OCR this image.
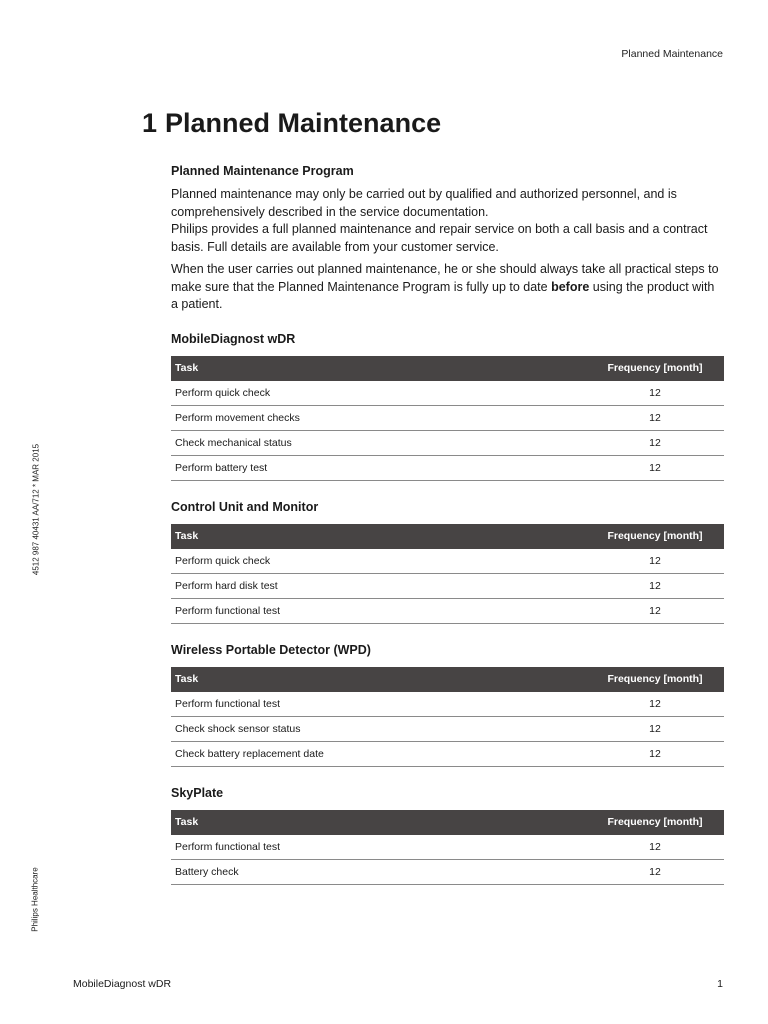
Planned Maintenance
1 Planned Maintenance
Planned Maintenance Program

Planned maintenance may only be carried out by qualified and authorized personnel, and is comprehensively described in the service documentation.

Philips provides a full planned maintenance and repair service on both a call basis and a contract basis. Full details are available from your customer service.

When the user carries out planned maintenance, he or she should always take all practical steps to make sure that the Planned Maintenance Program is fully up to date before using the product with a patient.

MobileDiagnost wDR
Task	Frequency [month]
Perform quick check	12
Perform movement checks	12
Check mechanical status	12
Perform battery test	12
Control Unit and Monitor
Task	Frequency [month]
Perform quick check	12
Perform hard disk test	12
Perform functional test	12
Wireless Portable Detector (WPD)
Task	Frequency [month]
Perform functional test	12
Check shock sensor status	12
Check battery replacement date	12
SkyPlate
Task	Frequency [month]
Perform functional test	12
Battery check	12
4512 987 40431 AA/712 * MAR 2015
Philips Healthcare
MobileDiagnost wDR	1
